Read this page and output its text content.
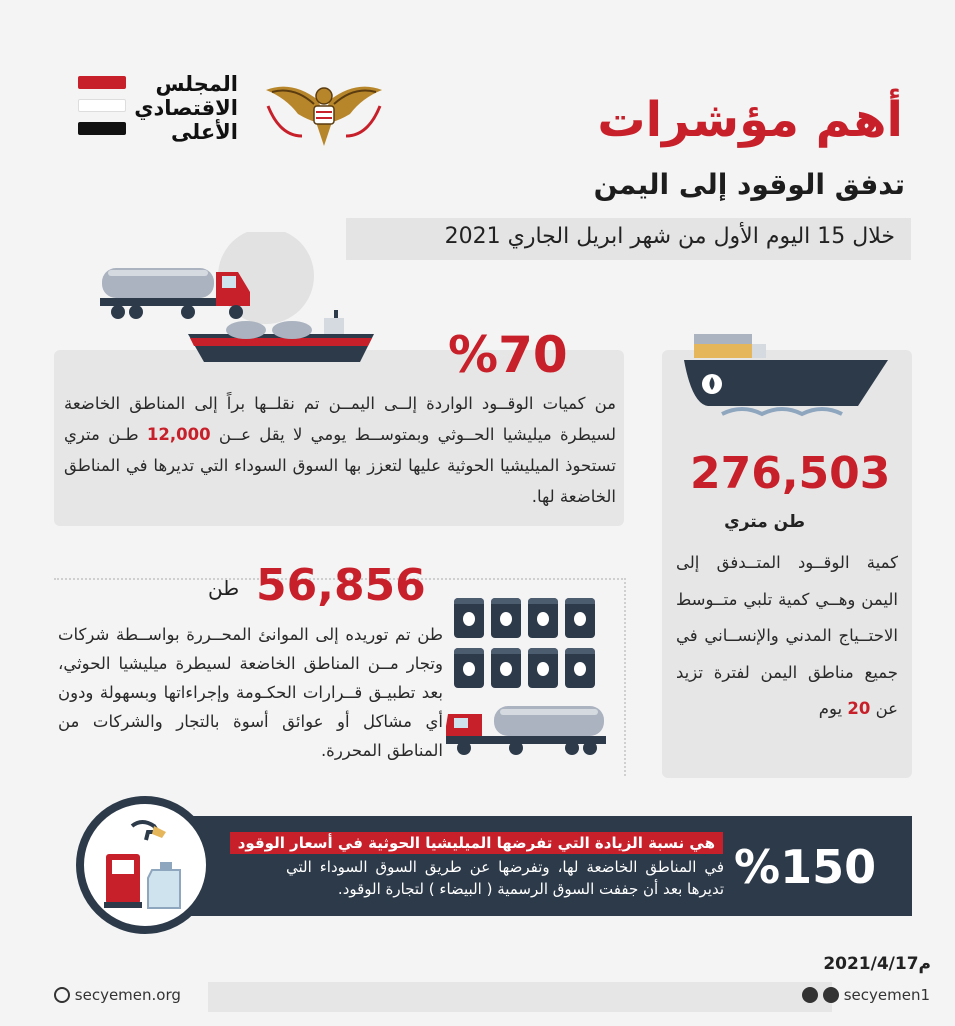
المجلس
الاقتصادي
الأعلى	أهم مؤشرات
تدفق الوقود إلى اليمن
خلال 15 اليوم الأول من شهر ابريل الجاري 2021
%70
من كميات الوقــود الواردة إلــى اليمــن تم نقلــها براً إلى المناطق الخاضعة لسيطرة ميليشيا الحــوثي وبمتوســط يومي لا يقل عــن 12,000 طـن متري تستحوذ الميليشيا الحوثية عليها لتعزز بها السوق السوداء التي تديرها في المناطق الخاضعة لها. 276,503
طن متري
كمية الوقــود المتــدفق إلى اليمن وهــي كمية تلبي متــوسط الاحتــياج المدني والإنســاني في جميع مناطق اليمن لفترة تزيد عن 20 يوم
56,856
طن
طن تم توريده إلى الموانئ المحــررة بواســطة شركات وتجار مــن المناطق الخاضعة لسيطرة ميليشيا الحوثي، بعد تطبيـق قــرارات الحكـومة وإجراءاتها وبسهولة ودون أي مشاكل أو عوائق أسوة بالتجار والشركات من المناطق المحررة.
%150
هي نسبة الزيادة التي تفرضها الميليشيا الحوثية في أسعار الوقود
في المناطق الخاضعة لها، وتفرضها عن طريق السوق السوداء التي تديرها بعد أن جففت السوق الرسمية ( البيضاء ) لتجارة الوقود.
2021/4/17م
secyemen.org	secyemen1
